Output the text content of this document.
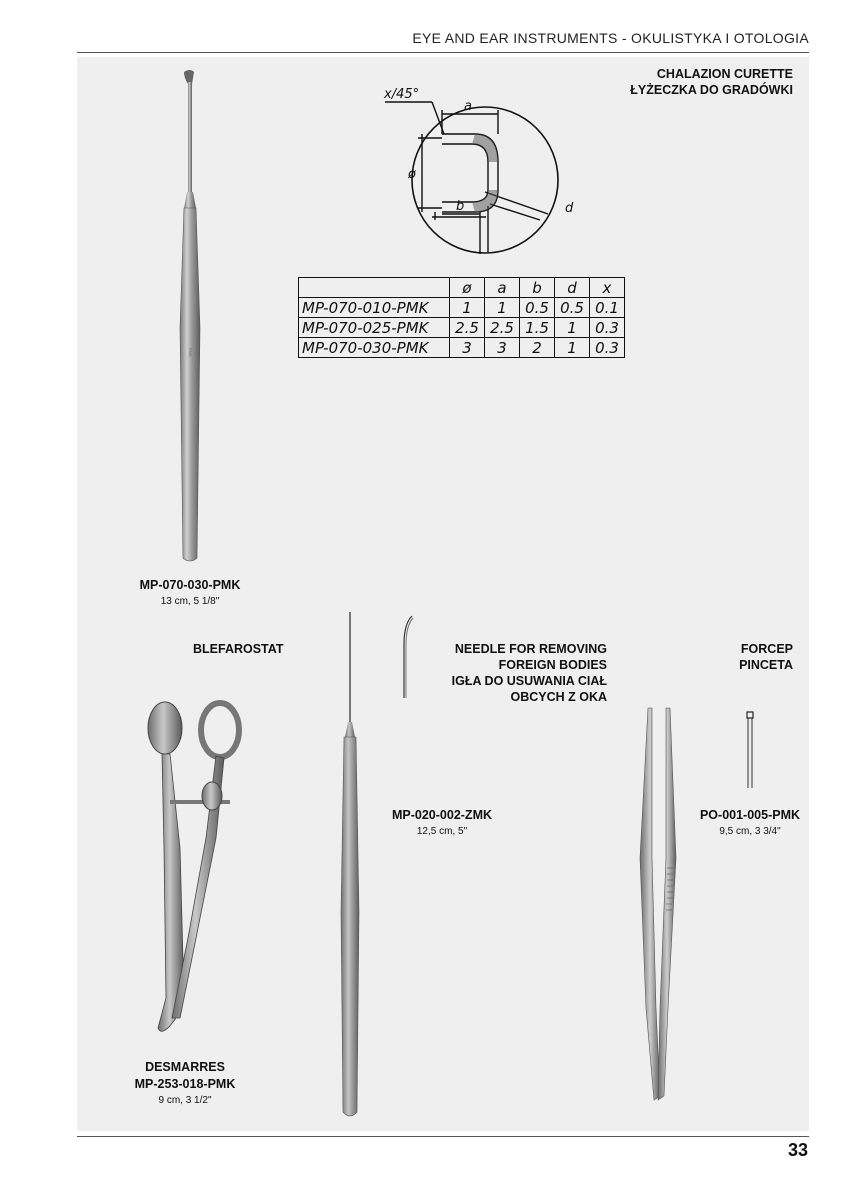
EYE AND EAR INSTRUMENTS - OKULISTYKA I OTOLOGIA
CHALAZION CURETTE
ŁYŻECZKA DO GRADÓWKI
PMK
MP-070-030-PMK
13 cm, 5 1/8"
x/45°
a
ø
b	d
	ø	a	b	d	x
MP-070-010-PMK	1	1	0.5	0.5	0.1
MP-070-025-PMK	2.5	2.5	1.5	1	0.3
MP-070-030-PMK	3	3	2	1	0.3
BLEFAROSTAT
DESMARRES
MP-253-018-PMK
9 cm, 3 1/2"
NEEDLE FOR REMOVING
FOREIGN BODIES
IGŁA DO USUWANIA CIAŁ
OBCYCH Z OKA
MP-020-002-ZMK
12,5 cm, 5"
FORCEP
PINCETA
PO-001-005-PMK
9,5 cm, 3 3/4"
33
